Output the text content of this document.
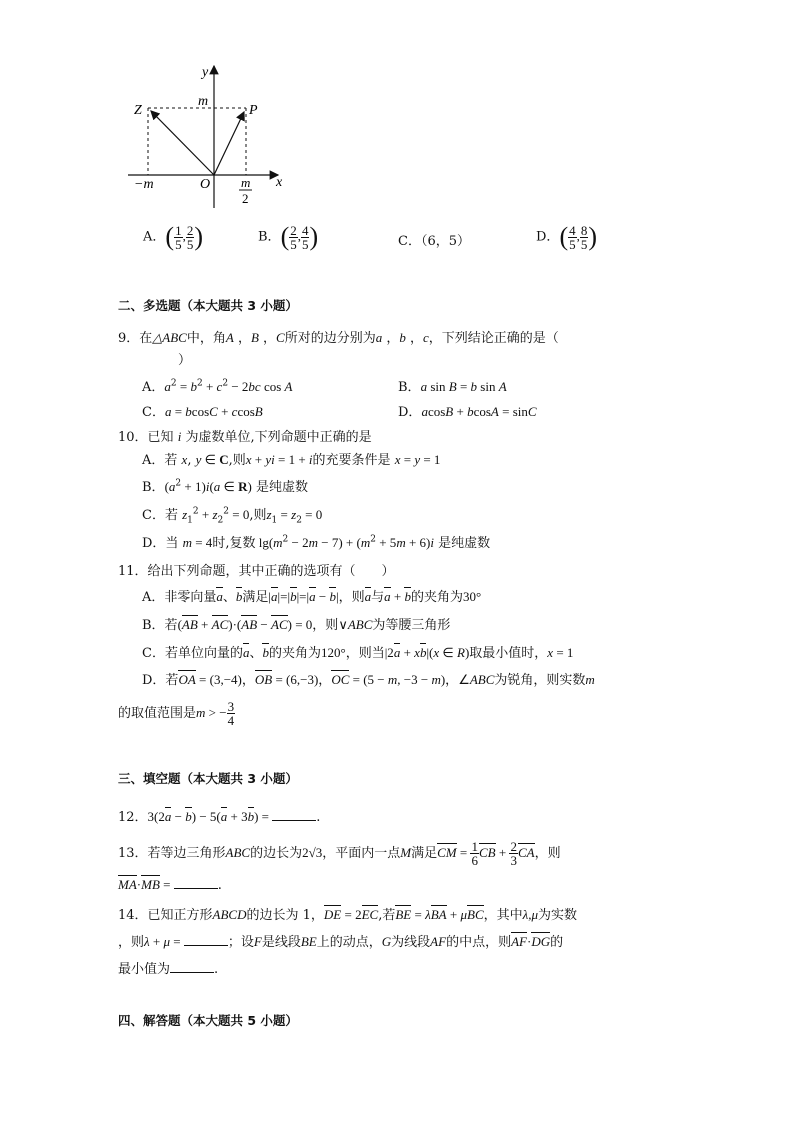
y
m
Z	P
O	x
−m	m
2
A．( $\frac{1}{5}$ , $\frac{2}{5}$ )	B．( $\frac{2}{5}$ , $\frac{4}{5}$ )	C．（6，5）	D．( $\frac{4}{5}$ , $\frac{8}{5}$ )
二、多选题（本大题共 3 小题）
9．在△ABC中，角A ，B ，C所对的边分别为a ，b ，c，下列结论正确的是（
）
A．$a^2 = b^2 + c^2 - 2bc$ cos A	B．a sin B = b sin A
C．a = bcosC + ccosB	D．acosB + bcosA = sinC
10．已知 i 为虚数单位,下列命题中正确的是
A．若 x, y ∈ C,则x + yi = 1 + i的充要条件是 x = y = 1
B．$(a^2 + 1)i(a$ ∈ R) 是纯虚数
C．若 $z_1^2 + z_2^2 = 0$,则$z_1 = z_2 = 0$
D．当 m = 4时,复数 $\lg(m^2 - 2m - 7) + (m^2 + 5m + 6)i$ 是纯虚数
11．给出下列命题，其中正确的选项有（　　）
A．非零向量a、b满足|a|=|b|=|a − b|，则a与a + b的夹角为30°
B．若(AB + AC)·(AB − AC) = 0，则∨ABC为等腰三角形
C．若单位向量的a、b的夹角为120°，则当|2a + xb|(x ∈ R)取最小值时，x = 1
D．若OA = (3,−4)，OB = (6,−3)，OC = (5 − m, −3 − m)，∠ABC为锐角，则实数m
的取值范围是m > − $\frac{3}{4}$
三、填空题（本大题共 3 小题）
12．3(2a − b) − 5(a + 3b) =	.
13．若等边三角形ABC的边长为2√3，平面内一点M满足CM = $\frac{1}{6}$ CB + $\frac{2}{3}$ CA，则
MA·MB =	.
14．已知正方形ABCD的边长为 1，DE = 2EC,若BE = λBA + μBC，其中λ,μ为实数
，则λ + μ =	；设F是线段BE上的动点，G为线段AF的中点，则AF·DG的
最小值为	.
四、解答题（本大题共 5 小题）
